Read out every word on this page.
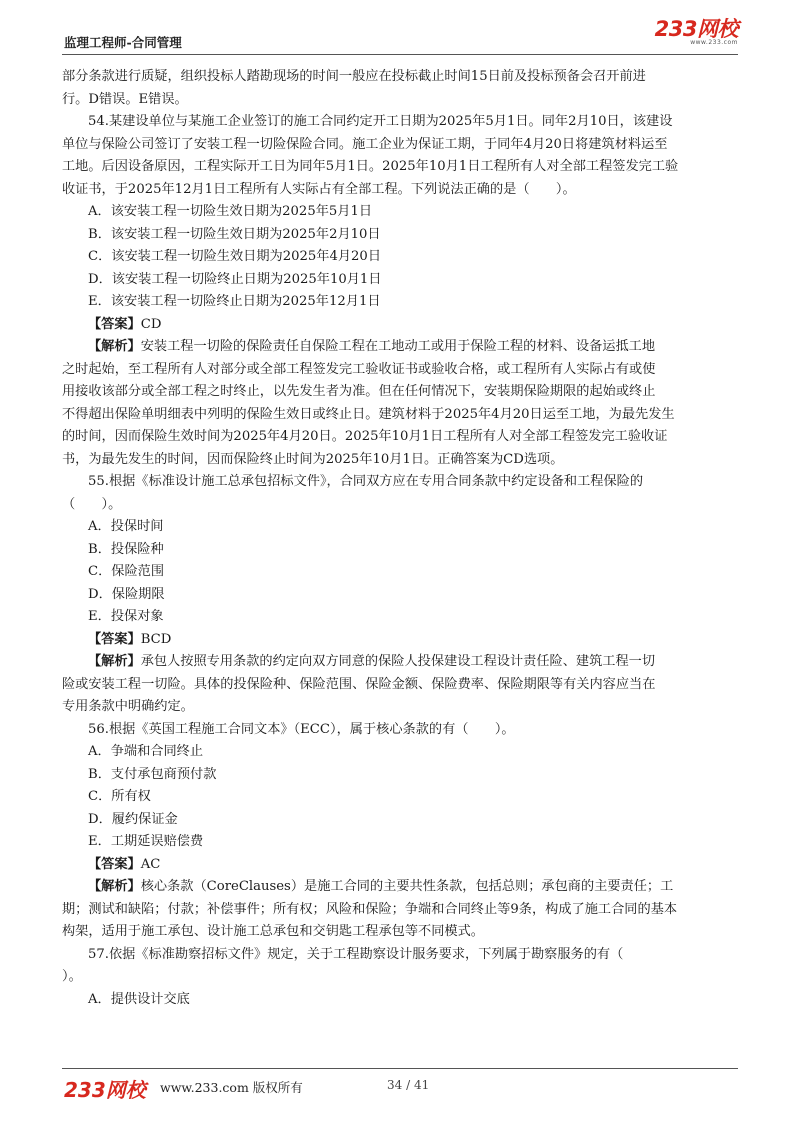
监理工程师-合同管理
233网校
www.233.com
部分条款进行质疑，组织投标人踏勘现场的时间一般应在投标截止时间15日前及投标预备会召开前进
行。D错误。E错误。
54.某建设单位与某施工企业签订的施工合同约定开工日期为2025年5月1日。同年2月10日，该建设
单位与保险公司签订了安装工程一切险保险合同。施工企业为保证工期，于同年4月20日将建筑材料运至
工地。后因设备原因，工程实际开工日为同年5月1日。2025年10月1日工程所有人对全部工程签发完工验
收证书，于2025年12月1日工程所有人实际占有全部工程。下列说法正确的是（　　）。
A．该安装工程一切险生效日期为2025年5月1日
B．该安装工程一切险生效日期为2025年2月10日
C．该安装工程一切险生效日期为2025年4月20日
D．该安装工程一切险终止日期为2025年10月1日
E．该安装工程一切险终止日期为2025年12月1日
【答案】CD
【解析】安装工程一切险的保险责任自保险工程在工地动工或用于保险工程的材料、设备运抵工地
之时起始，至工程所有人对部分或全部工程签发完工验收证书或验收合格，或工程所有人实际占有或使
用接收该部分或全部工程之时终止，以先发生者为准。但在任何情况下，安装期保险期限的起始或终止
不得超出保险单明细表中列明的保险生效日或终止日。建筑材料于2025年4月20日运至工地，为最先发生
的时间，因而保险生效时间为2025年4月20日。2025年10月1日工程所有人对全部工程签发完工验收证
书，为最先发生的时间，因而保险终止时间为2025年10月1日。正确答案为CD选项。
55.根据《标准设计施工总承包招标文件》，合同双方应在专用合同条款中约定设备和工程保险的
（　　）。
A．投保时间
B．投保险种
C．保险范围
D．保险期限
E．投保对象
【答案】BCD
【解析】承包人按照专用条款的约定向双方同意的保险人投保建设工程设计责任险、建筑工程一切
险或安装工程一切险。具体的投保险种、保险范围、保险金额、保险费率、保险期限等有关内容应当在
专用条款中明确约定。
56.根据《英国工程施工合同文本》（ECC），属于核心条款的有（　　）。
A．争端和合同终止
B．支付承包商预付款
C．所有权
D．履约保证金
E．工期延误赔偿费
【答案】AC
【解析】核心条款（CoreClauses）是施工合同的主要共性条款，包括总则；承包商的主要责任；工
期；测试和缺陷；付款；补偿事件；所有权；风险和保险；争端和合同终止等9条，构成了施工合同的基本
构架，适用于施工承包、设计施工总承包和交钥匙工程承包等不同模式。
57.依据《标准勘察招标文件》规定，关于工程勘察设计服务要求，下列属于勘察服务的有（
）。
A．提供设计交底
233网校 www.233.com 版权所有	34 / 41
